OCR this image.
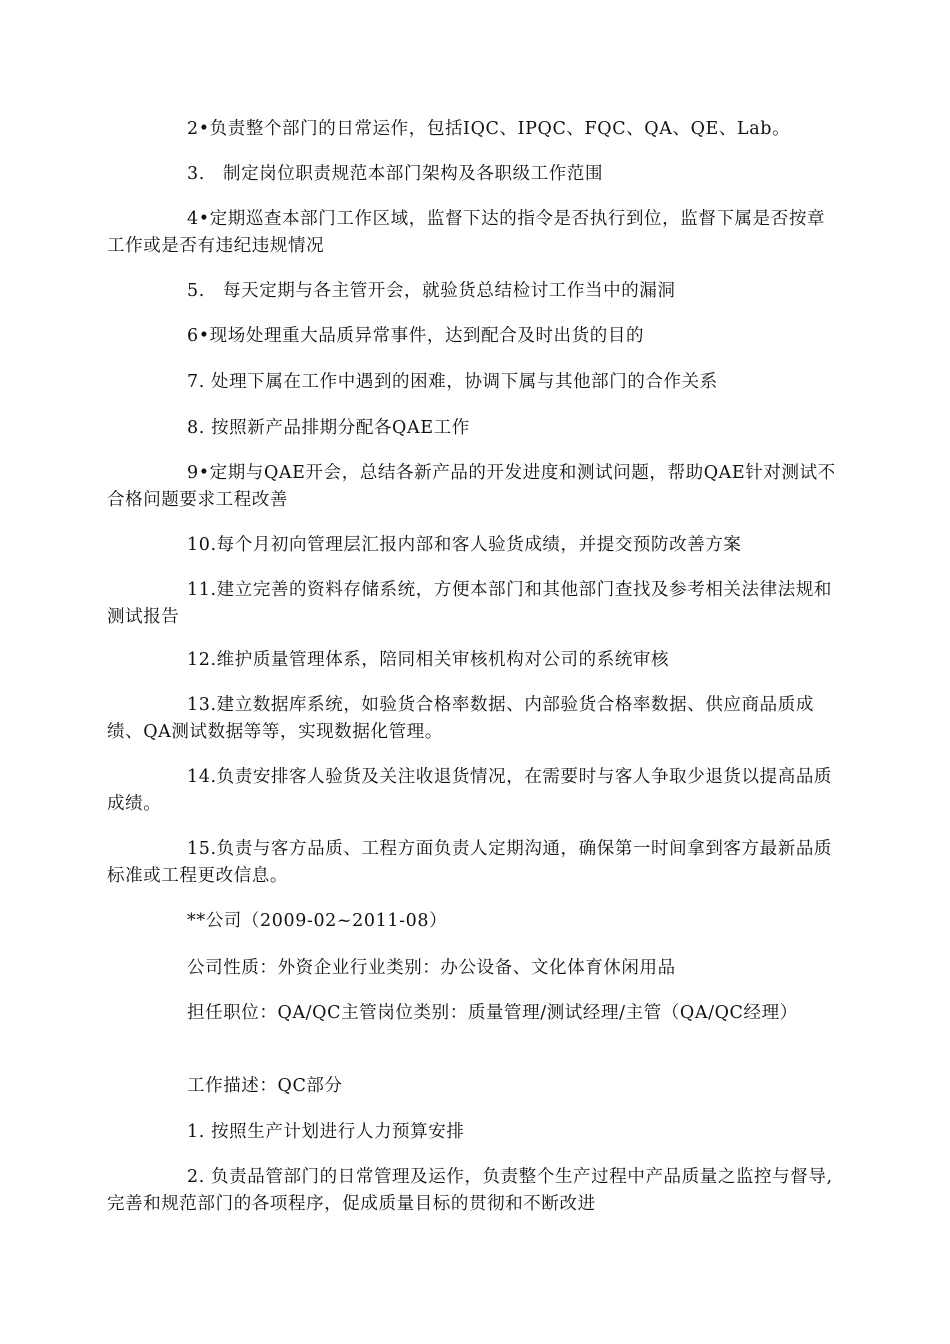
2•负责整个部门的日常运作，包括IQC、IPQC、FQC、QA、QE、Lab。

3.　制定岗位职责规范本部门架构及各职级工作范围

4•定期巡查本部门工作区域，监督下达的指令是否执行到位，监督下属是否按章工作或是否有违纪违规情况

5.　每天定期与各主管开会，就验货总结检讨工作当中的漏洞

6•现场处理重大品质异常事件，达到配合及时出货的目的

7. 处理下属在工作中遇到的困难，协调下属与其他部门的合作关系

8. 按照新产品排期分配各QAE工作

9•定期与QAE开会，总结各新产品的开发进度和测试问题，帮助QAE针对测试不合格问题要求工程改善

10.每个月初向管理层汇报内部和客人验货成绩，并提交预防改善方案

11.建立完善的资料存储系统，方便本部门和其他部门查找及参考相关法律法规和测试报告

12.维护质量管理体系，陪同相关审核机构对公司的系统审核

13.建立数据库系统，如验货合格率数据、内部验货合格率数据、供应商品质成绩、QA测试数据等等，实现数据化管理。

14.负责安排客人验货及关注收退货情况，在需要时与客人争取少退货以提高品质成绩。

15.负责与客方品质、工程方面负责人定期沟通，确保第一时间拿到客方最新品质标准或工程更改信息。

**公司（2009-02~2011-08）

公司性质：外资企业行业类别：办公设备、文化体育休闲用品

担任职位：QA/QC主管岗位类别：质量管理/测试经理/主管（QA/QC经理）

工作描述：QC部分

1. 按照生产计划进行人力预算安排

2. 负责品管部门的日常管理及运作，负责整个生产过程中产品质量之监控与督导,完善和规范部门的各项程序，促成质量目标的贯彻和不断改进
